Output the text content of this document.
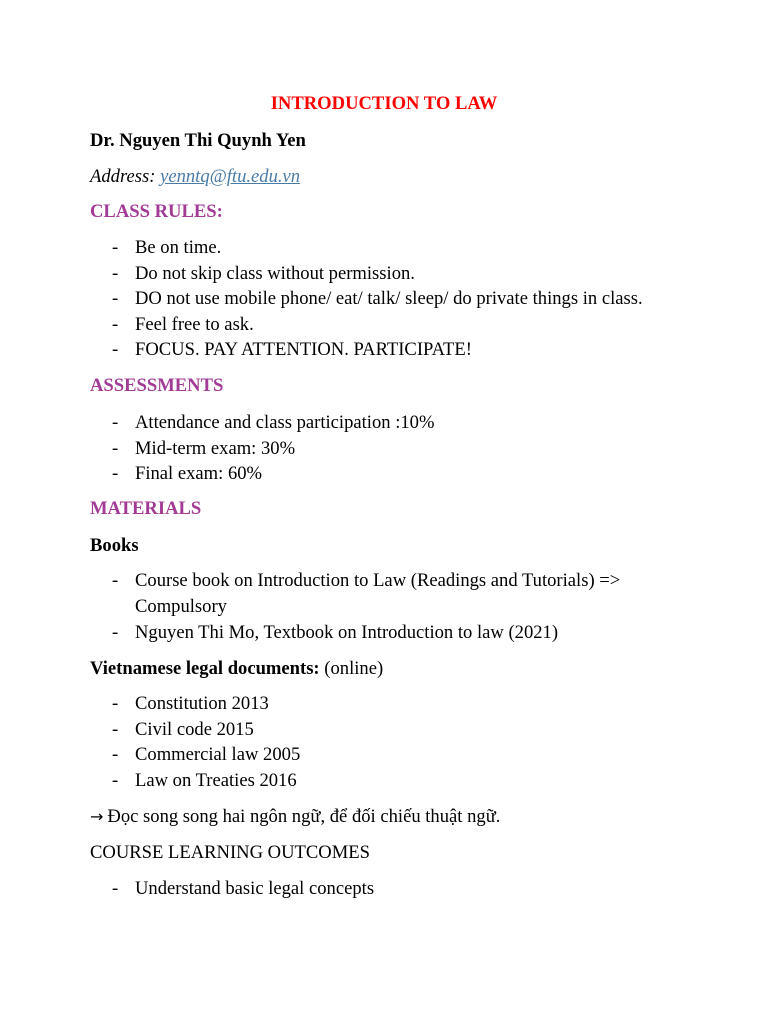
INTRODUCTION TO LAW
Dr. Nguyen Thi Quynh Yen
Address: yenntq@ftu.edu.vn
CLASS RULES:
- Be on time.
- Do not skip class without permission.
- DO not use mobile phone/ eat/ talk/ sleep/ do private things in class.
- Feel free to ask.
- FOCUS. PAY ATTENTION. PARTICIPATE!
ASSESSMENTS
- Attendance and class participation :10%
- Mid-term exam: 30%
- Final exam: 60%
MATERIALS
Books
- Course book on Introduction to Law (Readings and Tutorials) => Compulsory
- Nguyen Thi Mo, Textbook on Introduction to law (2021)
Vietnamese legal documents: (online)
- Constitution 2013
- Civil code 2015
- Commercial law 2005
- Law on Treaties 2016
→ Đọc song song hai ngôn ngữ, để đối chiếu thuật ngữ.
COURSE LEARNING OUTCOMES
- Understand basic legal concepts
